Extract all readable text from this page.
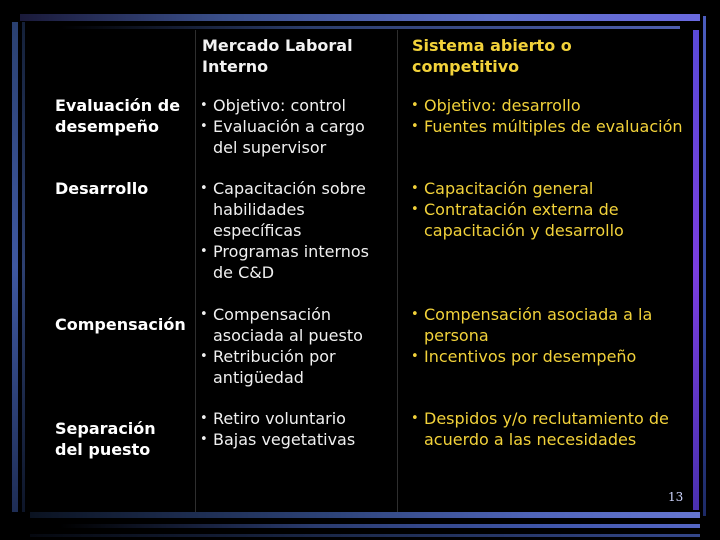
Mercado Laboral
Interno
Sistema abierto o
competitivo
Evaluación de
desempeño
• Objetivo: control
• Evaluación a cargo del supervisor
• Objetivo: desarrollo
• Fuentes múltiples de evaluación
Desarrollo
•	Capacitación sobre habilidades específicas
• Programas internos de C&D
• Capacitación general
• Contratación externa de capacitación y desarrollo
Compensación
• Compensación asociada al puesto
• Retribución por antigüedad
• Compensación asociada a la persona
• Incentivos por desempeño
Separación
del puesto
• Retiro voluntario
• Bajas vegetativas
• Despidos y/o reclutamiento de acuerdo a las necesidades
13
